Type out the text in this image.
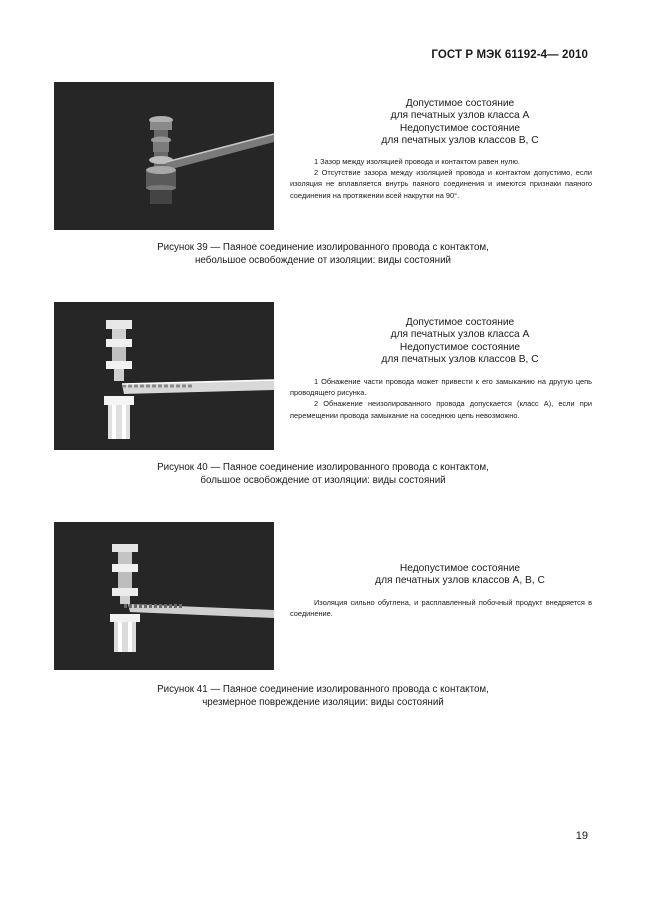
ГОСТ Р МЭК 61192-4— 2010
Допустимое состояние
для печатных узлов класса А
Недопустимое состояние
для печатных узлов классов В, С

1 Зазор между изоляцией провода и контактом равен нулю.

2 Отсутствие зазора между изоляцией провода и контактом допустимо, если изоляция не вплавляется внутрь паяного соединения и имеются признаки паяного соединения на протяжении всей накрутки на 90°.

Рисунок 39 — Паяное соединение изолированного провода с контактом,
небольшое освобождение от изоляции: виды состояний
Допустимое состояние
для печатных узлов класса А
Недопустимое состояние
для печатных узлов классов В, С

1 Обнажение части провода может привести к его замыканию на другую цепь проводящего рисунка.

2 Обнажение неизолированного провода допускается (класс А), если при перемещении провода замыкание на соседнюю цепь невозможно.

Рисунок 40 — Паяное соединение изолированного провода с контактом,
большое освобождение от изоляции: виды состояний
Недопустимое состояние
для печатных узлов классов А, В, С

Изоляция сильно обуглена, и расплавленный побочный продукт внедряется в соединение.

Рисунок 41 — Паяное соединение изолированного провода с контактом,
чрезмерное повреждение изоляции: виды состояний
19
